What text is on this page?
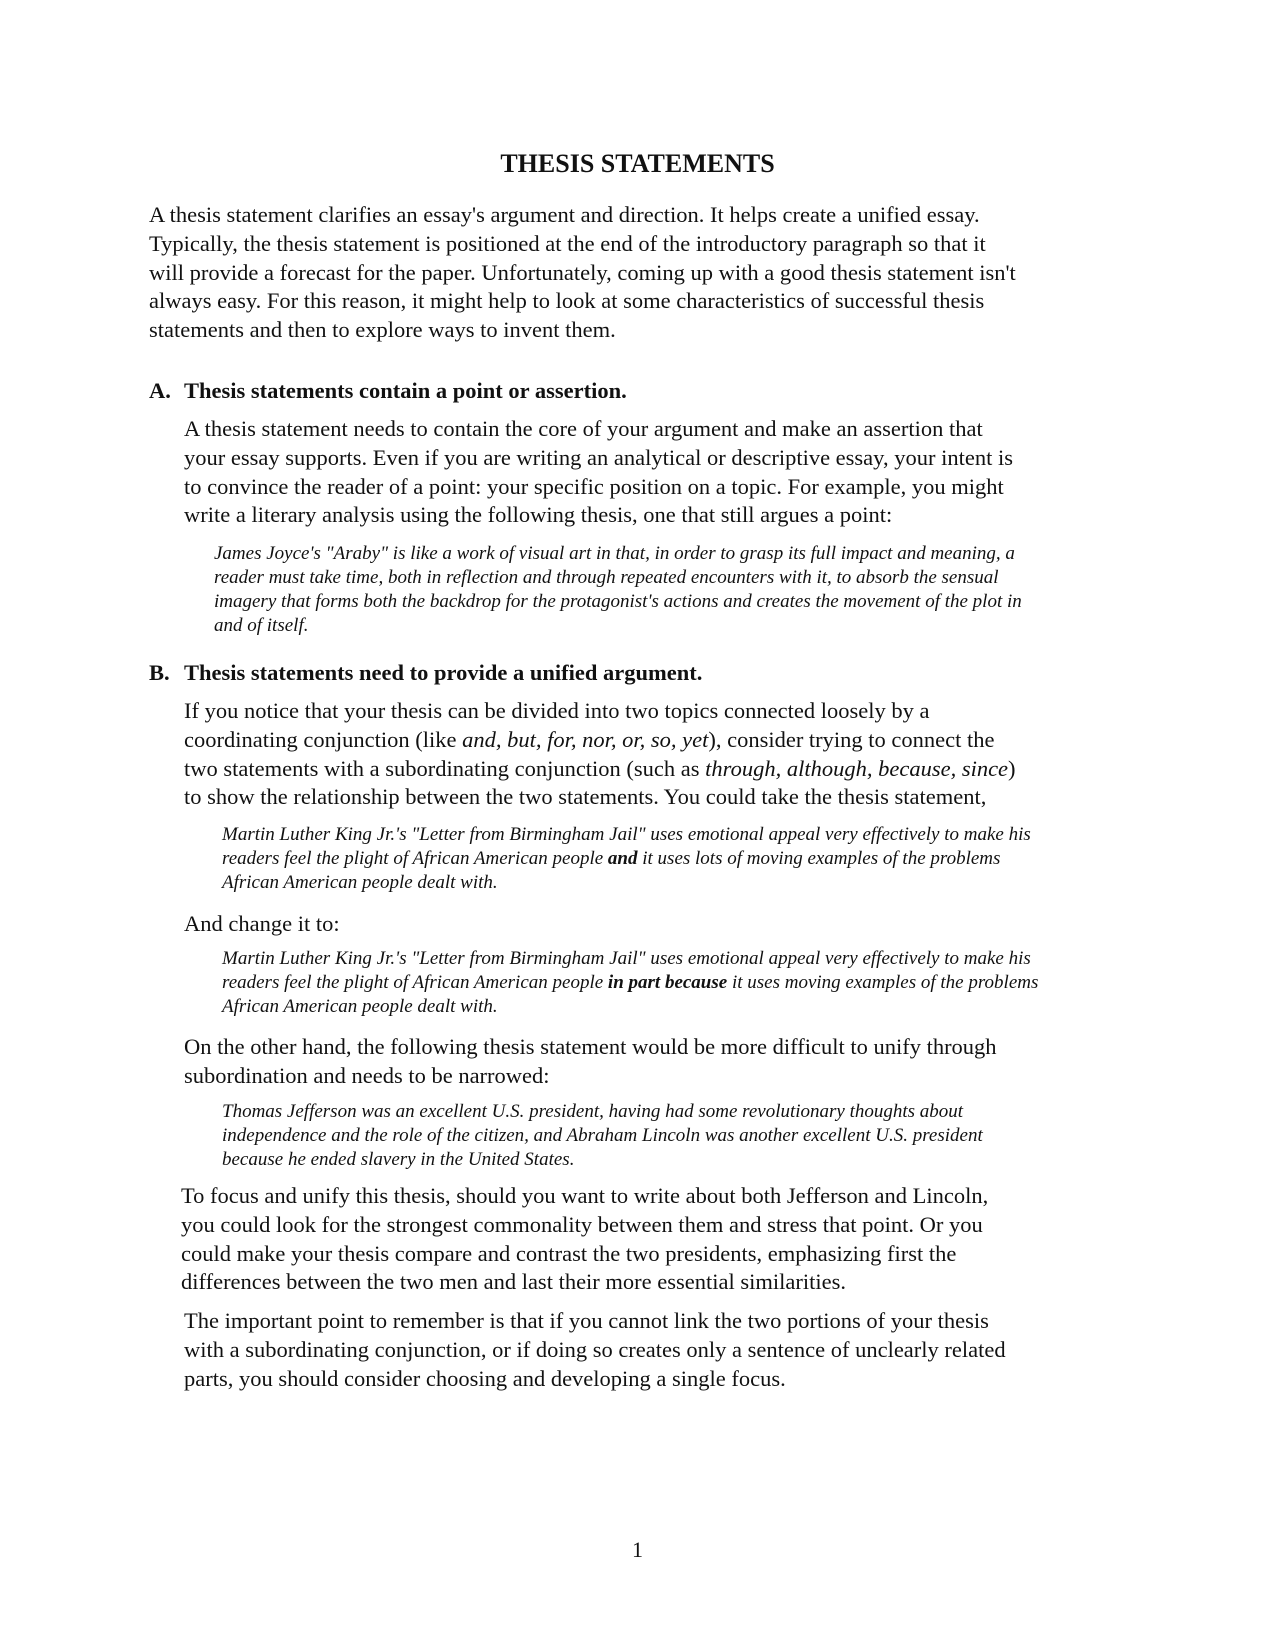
THESIS STATEMENTS

A thesis statement clarifies an essay's argument and direction. It helps create a unified essay.
Typically, the thesis statement is positioned at the end of the introductory paragraph so that it
will provide a forecast for the paper. Unfortunately, coming up with a good thesis statement isn't
always easy. For this reason, it might help to look at some characteristics of successful thesis
statements and then to explore ways to invent them.

A. Thesis statements contain a point or assertion.

A thesis statement needs to contain the core of your argument and make an assertion that
your essay supports. Even if you are writing an analytical or descriptive essay, your intent is
to convince the reader of a point: your specific position on a topic. For example, you might
write a literary analysis using the following thesis, one that still argues a point:

James Joyce's "Araby" is like a work of visual art in that, in order to grasp its full impact and meaning, a
reader must take time, both in reflection and through repeated encounters with it, to absorb the sensual
imagery that forms both the backdrop for the protagonist's actions and creates the movement of the plot in
and of itself.

B. Thesis statements need to provide a unified argument.

If you notice that your thesis can be divided into two topics connected loosely by a
coordinating conjunction (like and, but, for, nor, or, so, yet), consider trying to connect the
two statements with a subordinating conjunction (such as through, although, because, since)
to show the relationship between the two statements. You could take the thesis statement,

Martin Luther King Jr.'s "Letter from Birmingham Jail" uses emotional appeal very effectively to make his
readers feel the plight of African American people and it uses lots of moving examples of the problems
African American people dealt with.

And change it to:

Martin Luther King Jr.'s "Letter from Birmingham Jail" uses emotional appeal very effectively to make his
readers feel the plight of African American people in part because it uses moving examples of the problems
African American people dealt with.

On the other hand, the following thesis statement would be more difficult to unify through
subordination and needs to be narrowed:

Thomas Jefferson was an excellent U.S. president, having had some revolutionary thoughts about
independence and the role of the citizen, and Abraham Lincoln was another excellent U.S. president
because he ended slavery in the United States.

To focus and unify this thesis, should you want to write about both Jefferson and Lincoln,
you could look for the strongest commonality between them and stress that point. Or you
could make your thesis compare and contrast the two presidents, emphasizing first the
differences between the two men and last their more essential similarities.

The important point to remember is that if you cannot link the two portions of your thesis
with a subordinating conjunction, or if doing so creates only a sentence of unclearly related
parts, you should consider choosing and developing a single focus.

1
